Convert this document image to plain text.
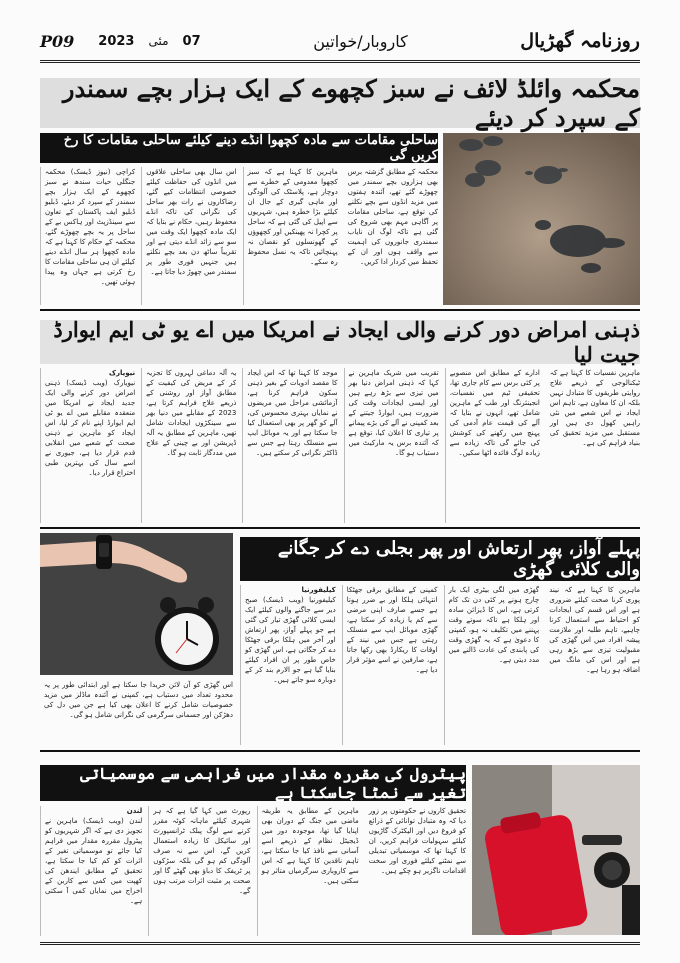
P09 2023 مئی 07	کاروبار/خواتین	روزنامہ گھڑیال
محکمہ وائلڈ لائف نے سبز کچھوے کے ایک ہزار بچے سمندر کے سپرد کر دیئے
ساحلی مقامات سے مادہ کچھوا انڈے دینے کیلئے ساحلی مقامات کا رخ کریں گی

کراچی (نیوز ڈیسک) محکمہ جنگلی حیات سندھ نے سبز کچھوے کے ایک ہزار بچے سمندر کے سپرد کر دیئے، ڈبلیو ڈبلیو ایف پاکستان کے تعاون سے سینڈزپٹ اور ہاکس بے کے ساحل پر یہ بچے چھوڑے گئے، محکمہ کے حکام کا کہنا ہے کہ مادہ کچھوا ہر سال انڈے دینے کیلئے ان ہی ساحلی مقامات کا رخ کرتی ہے جہاں وہ پیدا ہوئی تھیں۔

اس سال بھی ساحلی علاقوں میں انڈوں کی حفاظت کیلئے خصوصی انتظامات کیے گئے، رضاکاروں نے رات بھر ساحل کی نگرانی کی تاکہ انڈے محفوظ رہیں، حکام نے بتایا کہ ایک مادہ کچھوا ایک وقت میں سو سے زائد انڈے دیتی ہے اور تقریباً ساٹھ دن بعد بچے نکلتے ہیں جنہیں فوری طور پر سمندر میں چھوڑ دیا جاتا ہے۔

ماہرین کا کہنا ہے کہ سبز کچھوا معدومی کے خطرے سے دوچار ہے، پلاسٹک کی آلودگی اور ماہی گیری کے جال ان کیلئے بڑا خطرہ ہیں، شہریوں سے اپیل کی گئی ہے کہ ساحل پر کچرا نہ پھینکیں اور کچھوؤں کے گھونسلوں کو نقصان نہ پہنچائیں تاکہ یہ نسل محفوظ رہ سکے۔

محکمہ کے مطابق گزشتہ برس بھی ہزاروں بچے سمندر میں چھوڑے گئے تھے، آئندہ ہفتوں میں مزید انڈوں سے بچے نکلنے کی توقع ہے، ساحلی مقامات پر آگاہی مہم بھی شروع کی گئی ہے تاکہ لوگ ان نایاب سمندری جانوروں کی اہمیت سے واقف ہوں اور ان کے تحفظ میں کردار ادا کریں۔

ذہنی امراض دور کرنے والی ایجاد نے امریکا میں اے یو ٹی ایم ایوارڈ جیت لیا
نیویارک

نیویارک (ویب ڈیسک) ذہنی امراض دور کرنے والی ایک جدید ایجاد نے امریکا میں منعقدہ مقابلے میں اے یو ٹی ایم ایوارڈ اپنے نام کر لیا، اس ایجاد کو ماہرین نے ذہنی صحت کے شعبے میں انقلابی قدم قرار دیا ہے، جیوری نے اسے سال کی بہترین طبی اختراع قرار دیا۔

یہ آلہ دماغی لہروں کا تجزیہ کر کے مریض کی کیفیت کے مطابق آواز اور روشنی کے ذریعے علاج فراہم کرتا ہے، 2023 کے مقابلے میں دنیا بھر سے سینکڑوں ایجادات شامل تھیں، ماہرین کے مطابق یہ آلہ ڈپریشن اور بے چینی کے علاج میں مددگار ثابت ہو گا۔

موجد کا کہنا تھا کہ اس ایجاد کا مقصد ادویات کے بغیر ذہنی سکون فراہم کرنا ہے، آزمائشی مراحل میں مریضوں نے نمایاں بہتری محسوس کی، آلے کو گھر پر بھی استعمال کیا جا سکتا ہے اور یہ موبائل ایپ سے منسلک رہتا ہے جس سے ڈاکٹر نگرانی کر سکتے ہیں۔

تقریب میں شریک ماہرین نے کہا کہ ذہنی امراض دنیا بھر میں تیزی سے بڑھ رہے ہیں اور ایسی ایجادات وقت کی ضرورت ہیں، ایوارڈ جیتنے کے بعد کمپنی نے آلے کی بڑے پیمانے پر تیاری کا اعلان کیا، توقع ہے کہ آئندہ برس یہ مارکیٹ میں دستیاب ہو گا۔

ادارے کے مطابق اس منصوبے پر کئی برس سے کام جاری تھا، تحقیقی ٹیم میں نفسیات، انجینئرنگ اور طب کے ماہرین شامل تھے، انہوں نے بتایا کہ آلے کی قیمت عام آدمی کی پہنچ میں رکھنے کی کوشش کی جائے گی تاکہ زیادہ سے زیادہ لوگ فائدہ اٹھا سکیں۔

ماہرین نفسیات کا کہنا ہے کہ ٹیکنالوجی کے ذریعے علاج روایتی طریقوں کا متبادل نہیں بلکہ ان کا معاون ہے، تاہم اس ایجاد نے اس شعبے میں نئی راہیں کھول دی ہیں اور مستقبل میں مزید تحقیق کی بنیاد فراہم کی ہے۔

پہلے آواز، پھر ارتعاش اور پھر بجلی دے کر جگانے والی کلائی گھڑی
کیلیفورنیا

کیلیفورنیا (ویب ڈیسک) صبح دیر سے جاگنے والوں کیلئے ایک ایسی کلائی گھڑی تیار کی گئی ہے جو پہلے آواز، پھر ارتعاش اور آخر میں ہلکا برقی جھٹکا دے کر جگاتی ہے، اس گھڑی کو خاص طور پر ان افراد کیلئے بنایا گیا ہے جو الارم بند کر کے دوبارہ سو جاتے ہیں۔

کمپنی کے مطابق برقی جھٹکا انتہائی ہلکا اور بے ضرر ہوتا ہے جسے صارف اپنی مرضی سے کم یا زیادہ کر سکتا ہے، گھڑی موبائل ایپ سے منسلک رہتی ہے جس میں نیند کے اوقات کا ریکارڈ بھی رکھا جاتا ہے، صارفین نے اسے مؤثر قرار دیا ہے۔

گھڑی میں لگی بیٹری ایک بار چارج ہونے پر کئی دن تک کام کرتی ہے، اس کا ڈیزائن سادہ اور ہلکا ہے تاکہ سوتے وقت پہننے میں تکلیف نہ ہو، کمپنی کا دعویٰ ہے کہ یہ گھڑی وقت کی پابندی کی عادت ڈالنے میں مدد دیتی ہے۔

ماہرین کا کہنا ہے کہ نیند پوری کرنا صحت کیلئے ضروری ہے اور اس قسم کی ایجادات کو احتیاط سے استعمال کرنا چاہیے، تاہم طلبہ اور ملازمت پیشہ افراد میں اس گھڑی کی مقبولیت تیزی سے بڑھ رہی ہے اور اس کی مانگ میں اضافہ ہو رہا ہے۔

اس گھڑی کو آن لائن خریدا جا سکتا ہے اور ابتدائی طور پر یہ محدود تعداد میں دستیاب ہے، کمپنی نے آئندہ ماڈلز میں مزید خصوصیات شامل کرنے کا اعلان بھی کیا ہے جن میں دل کی دھڑکن اور جسمانی سرگرمی کی نگرانی شامل ہو گی۔

پیٹرول کی مقررہ مقدار میں فراہمی سے موسمیاتی تغیر سے نمٹا جاسکتا ہے
لندن

لندن (ویب ڈیسک) ماہرین نے تجویز دی ہے کہ اگر شہریوں کو پیٹرول مقررہ مقدار میں فراہم کیا جائے تو موسمیاتی تغیر کے اثرات کو کم کیا جا سکتا ہے، تحقیق کے مطابق ایندھن کی کھپت میں کمی سے کاربن کے اخراج میں نمایاں کمی آ سکتی ہے۔

رپورٹ میں کہا گیا ہے کہ ہر شہری کیلئے ماہانہ کوٹہ مقرر کرنے سے لوگ پبلک ٹرانسپورٹ اور سائیکل کا زیادہ استعمال کریں گے، اس سے نہ صرف آلودگی کم ہو گی بلکہ سڑکوں پر ٹریفک کا دباؤ بھی گھٹے گا اور صحت پر مثبت اثرات مرتب ہوں گے۔

ماہرین کے مطابق یہ طریقہ ماضی میں جنگ کے دوران بھی اپنایا گیا تھا، موجودہ دور میں ڈیجیٹل نظام کے ذریعے اسے آسانی سے نافذ کیا جا سکتا ہے، تاہم ناقدین کا کہنا ہے کہ اس سے کاروباری سرگرمیاں متاثر ہو سکتی ہیں۔

تحقیق کاروں نے حکومتوں پر زور دیا کہ وہ متبادل توانائی کے ذرائع کو فروغ دیں اور الیکٹرک گاڑیوں کیلئے سہولیات فراہم کریں، ان کا کہنا تھا کہ موسمیاتی تبدیلی سے نمٹنے کیلئے فوری اور سخت اقدامات ناگزیر ہو چکے ہیں۔
